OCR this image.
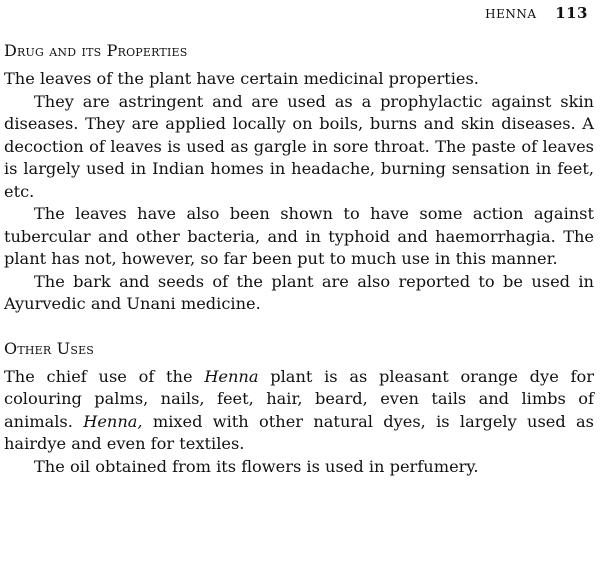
HENNA 113
Drug and its Properties

The leaves of the plant have certain medicinal properties.

They are astringent and are used as a prophylactic against skin diseases. They are applied locally on boils, burns and skin diseases. A decoction of leaves is used as gargle in sore throat. The paste of leaves is largely used in Indian homes in headache, burning sensation in feet, etc.

The leaves have also been shown to have some action against tubercular and other bacteria, and in typhoid and haemorrhagia. The plant has not, however, so far been put to much use in this manner.

The bark and seeds of the plant are also reported to be used in Ayurvedic and Unani medicine.

Other Uses

The chief use of the Henna plant is as pleasant orange dye for colouring palms, nails, feet, hair, beard, even tails and limbs of animals. Henna, mixed with other natural dyes, is largely used as hairdye and even for textiles.

The oil obtained from its flowers is used in perfumery.
